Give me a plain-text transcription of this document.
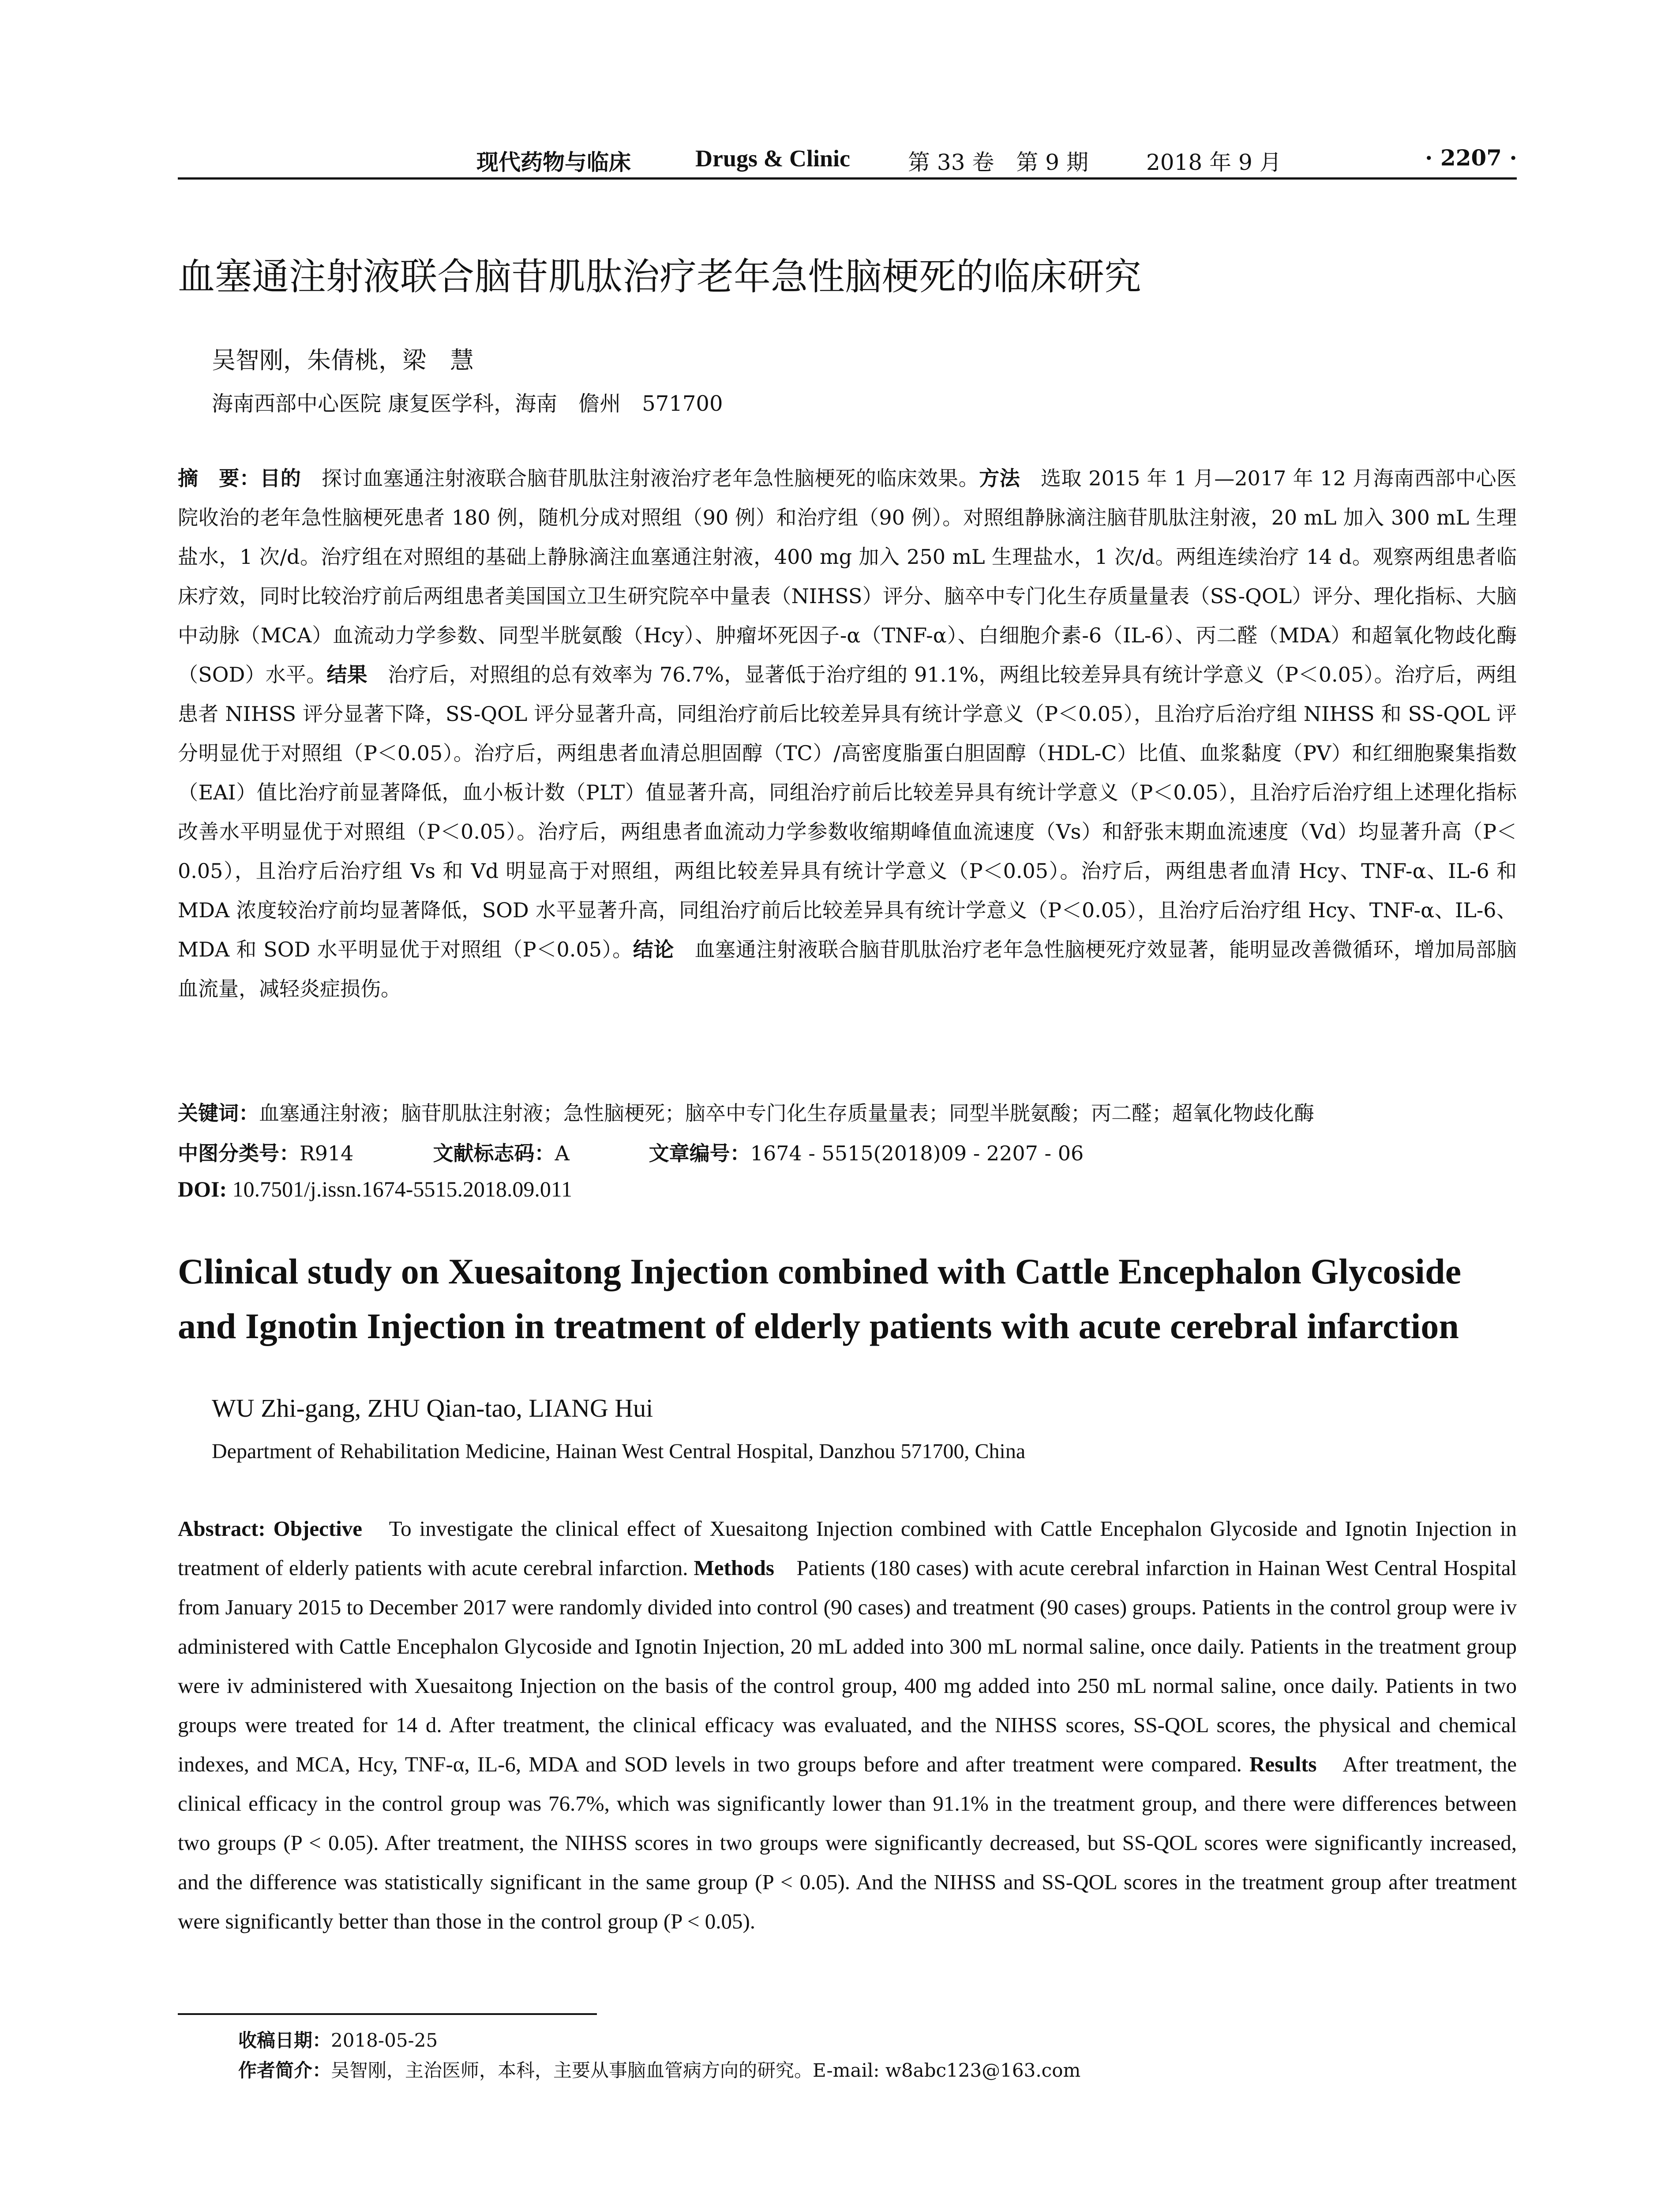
现代药物与临床	Drugs & Clinic	第 33 卷　第 9 期	2018 年 9 月	· 2207 ·
血塞通注射液联合脑苷肌肽治疗老年急性脑梗死的临床研究
吴智刚，朱倩桃，梁　慧
海南西部中心医院 康复医学科，海南　儋州　571700
摘　要：目的　探讨血塞通注射液联合脑苷肌肽注射液治疗老年急性脑梗死的临床效果。方法　选取 2015 年 1 月—2017 年 12 月海南西部中心医院收治的老年急性脑梗死患者 180 例，随机分成对照组（90 例）和治疗组（90 例）。对照组静脉滴注脑苷肌肽注射液，20 mL 加入 300 mL 生理盐水，1 次/d。治疗组在对照组的基础上静脉滴注血塞通注射液，400 mg 加入 250 mL 生理盐水，1 次/d。两组连续治疗 14 d。观察两组患者临床疗效，同时比较治疗前后两组患者美国国立卫生研究院卒中量表（NIHSS）评分、脑卒中专门化生存质量量表（SS-QOL）评分、理化指标、大脑中动脉（MCA）血流动力学参数、同型半胱氨酸（Hcy）、肿瘤坏死因子-α（TNF-α）、白细胞介素-6（IL-6）、丙二醛（MDA）和超氧化物歧化酶（SOD）水平。结果　治疗后，对照组的总有效率为 76.7%，显著低于治疗组的 91.1%，两组比较差异具有统计学意义（P＜0.05）。治疗后，两组患者 NIHSS 评分显著下降，SS-QOL 评分显著升高，同组治疗前后比较差异具有统计学意义（P＜0.05），且治疗后治疗组 NIHSS 和 SS-QOL 评分明显优于对照组（P＜0.05）。治疗后，两组患者血清总胆固醇（TC）/高密度脂蛋白胆固醇（HDL-C）比值、血浆黏度（PV）和红细胞聚集指数（EAI）值比治疗前显著降低，血小板计数（PLT）值显著升高，同组治疗前后比较差异具有统计学意义（P＜0.05），且治疗后治疗组上述理化指标改善水平明显优于对照组（P＜0.05）。治疗后，两组患者血流动力学参数收缩期峰值血流速度（Vs）和舒张末期血流速度（Vd）均显著升高（P＜0.05），且治疗后治疗组 Vs 和 Vd 明显高于对照组，两组比较差异具有统计学意义（P＜0.05）。治疗后，两组患者血清 Hcy、TNF-α、IL-6 和 MDA 浓度较治疗前均显著降低，SOD 水平显著升高，同组治疗前后比较差异具有统计学意义（P＜0.05），且治疗后治疗组 Hcy、TNF-α、IL-6、MDA 和 SOD 水平明显优于对照组（P＜0.05）。结论　血塞通注射液联合脑苷肌肽治疗老年急性脑梗死疗效显著，能明显改善微循环，增加局部脑血流量，减轻炎症损伤。
关键词：血塞通注射液；脑苷肌肽注射液；急性脑梗死；脑卒中专门化生存质量量表；同型半胱氨酸；丙二醛；超氧化物歧化酶
中图分类号：R914	文献标志码：A	文章编号：1674 - 5515(2018)09 - 2207 - 06
DOI: 10.7501/j.issn.1674-5515.2018.09.011
Clinical study on Xuesaitong Injection combined with Cattle Encephalon Glycoside and Ignotin Injection in treatment of elderly patients with acute cerebral infarction
WU Zhi-gang, ZHU Qian-tao, LIANG Hui
Department of Rehabilitation Medicine, Hainan West Central Hospital, Danzhou 571700, China
Abstract: Objective　To investigate the clinical effect of Xuesaitong Injection combined with Cattle Encephalon Glycoside and Ignotin Injection in treatment of elderly patients with acute cerebral infarction. Methods　Patients (180 cases) with acute cerebral infarction in Hainan West Central Hospital from January 2015 to December 2017 were randomly divided into control (90 cases) and treatment (90 cases) groups. Patients in the control group were iv administered with Cattle Encephalon Glycoside and Ignotin Injection, 20 mL added into 300 mL normal saline, once daily. Patients in the treatment group were iv administered with Xuesaitong Injection on the basis of the control group, 400 mg added into 250 mL normal saline, once daily. Patients in two groups were treated for 14 d. After treatment, the clinical efficacy was evaluated, and the NIHSS scores, SS-QOL scores, the physical and chemical indexes, and MCA, Hcy, TNF-α, IL-6, MDA and SOD levels in two groups before and after treatment were compared. Results　After treatment, the clinical efficacy in the control group was 76.7%, which was significantly lower than 91.1% in the treatment group, and there were differences between two groups (P < 0.05). After treatment, the NIHSS scores in two groups were significantly decreased, but SS-QOL scores were significantly increased, and the difference was statistically significant in the same group (P < 0.05). And the NIHSS and SS-QOL scores in the treatment group after treatment were significantly better than those in the control group (P < 0.05).
收稿日期：2018-05-25
作者简介：吴智刚，主治医师，本科，主要从事脑血管病方向的研究。E-mail: w8abc123@163.com
